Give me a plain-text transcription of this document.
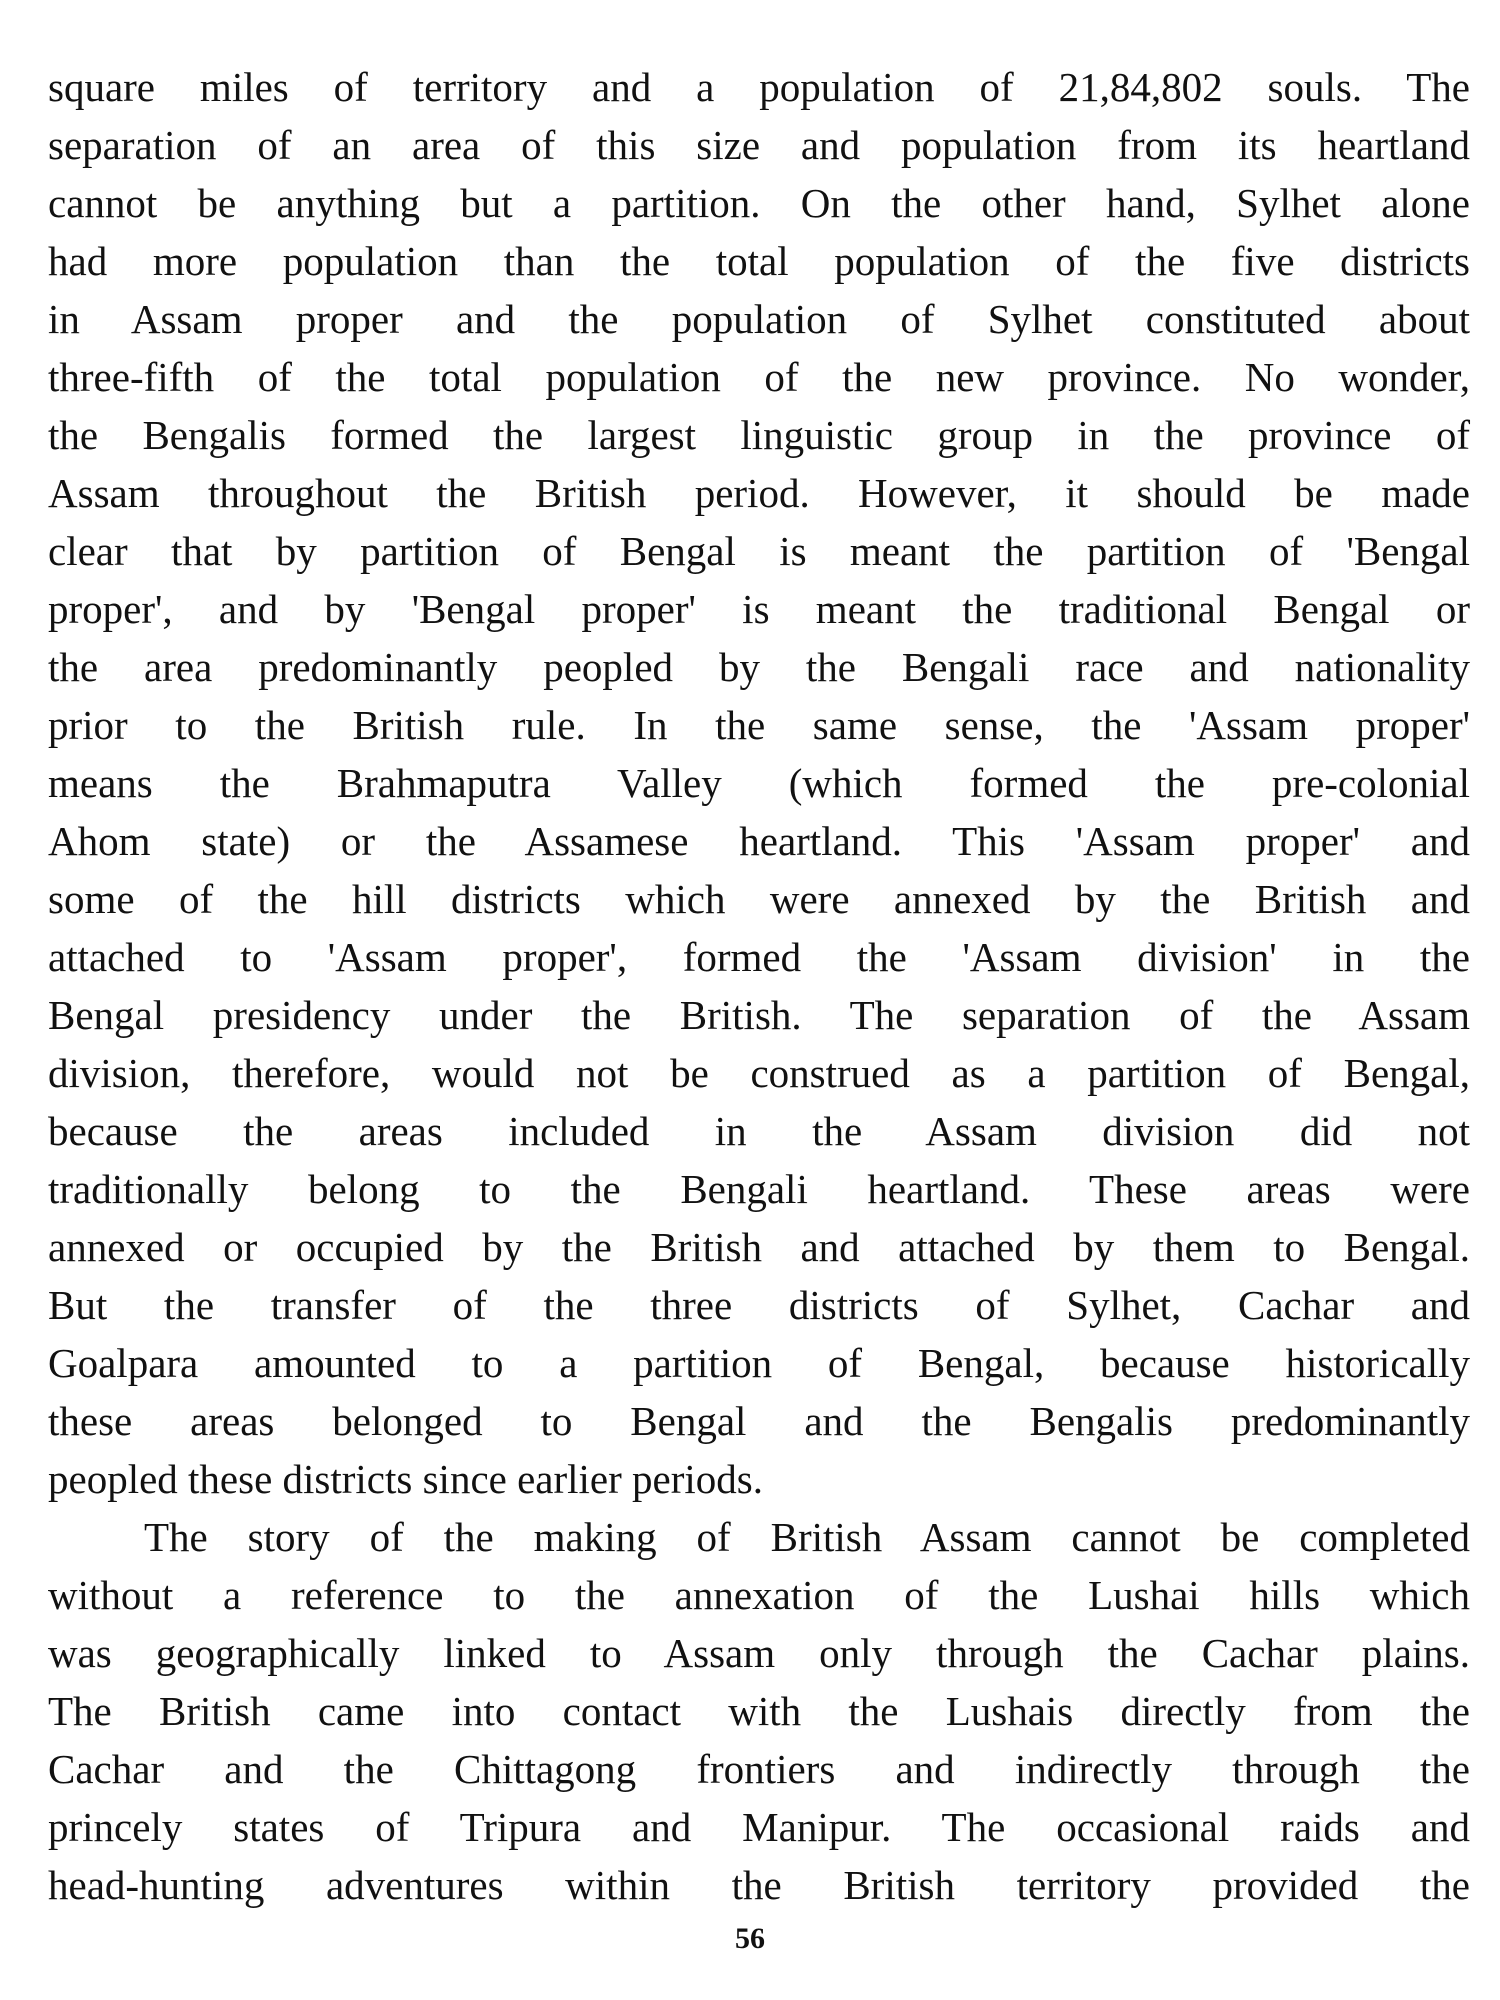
square miles of territory and a population of 21,84,802 souls. The
separation of an area of this size and population from its heartland
cannot be anything but a partition. On the other hand, Sylhet alone
had more population than the total population of the five districts
in Assam proper and the population of Sylhet constituted about
three-fifth of the total population of the new province. No wonder,
the Bengalis formed the largest linguistic group in the province of
Assam throughout the British period. However, it should be made
clear that by partition of Bengal is meant the partition of 'Bengal
proper', and by 'Bengal proper' is meant the traditional Bengal or
the area predominantly peopled by the Bengali race and nationality
prior to the British rule. In the same sense, the 'Assam proper'
means the Brahmaputra Valley (which formed the pre-colonial
Ahom state) or the Assamese heartland. This 'Assam proper' and
some of the hill districts which were annexed by the British and
attached to 'Assam proper', formed the 'Assam division' in the
Bengal presidency under the British. The separation of the Assam
division, therefore, would not be construed as a partition of Bengal,
because the areas included in the Assam division did not
traditionally belong to the Bengali heartland. These areas were
annexed or occupied by the British and attached by them to Bengal.
But the transfer of the three districts of Sylhet, Cachar and
Goalpara amounted to a partition of Bengal, because historically
these areas belonged to Bengal and the Bengalis predominantly
peopled these districts since earlier periods.
The story of the making of British Assam cannot be completed
without a reference to the annexation of the Lushai hills which
was geographically linked to Assam only through the Cachar plains.
The British came into contact with the Lushais directly from the
Cachar and the Chittagong frontiers and indirectly through the
princely states of Tripura and Manipur. The occasional raids and
head-hunting adventures within the British territory provided the
56
